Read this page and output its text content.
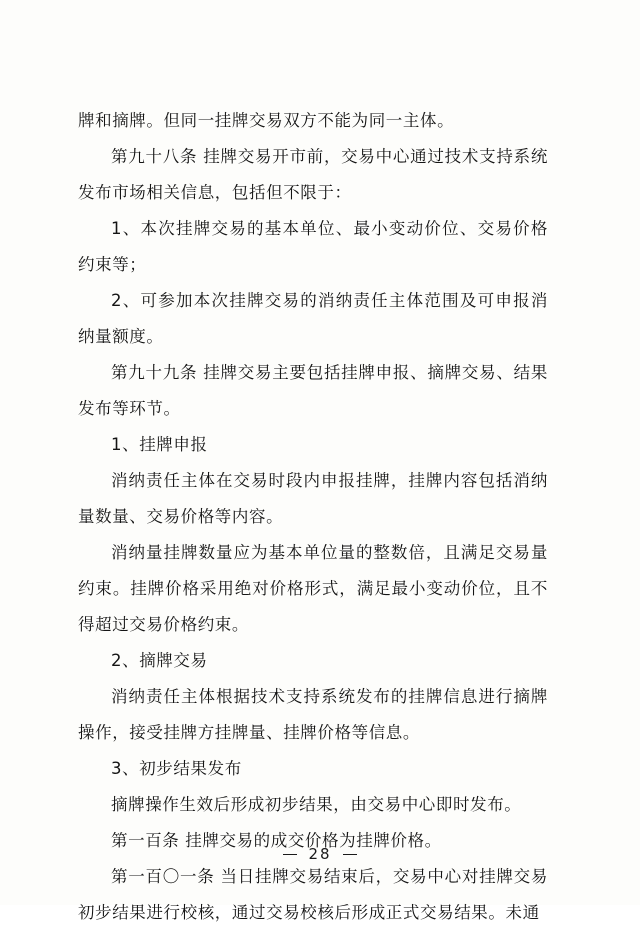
牌和摘牌。但同一挂牌交易双方不能为同一主体。

第九十八条 挂牌交易开市前，交易中心通过技术支持系统发布市场相关信息，包括但不限于：

1、本次挂牌交易的基本单位、最小变动价位、交易价格约束等；

2、可参加本次挂牌交易的消纳责任主体范围及可申报消纳量额度。

第九十九条 挂牌交易主要包括挂牌申报、摘牌交易、结果发布等环节。

1、挂牌申报

消纳责任主体在交易时段内申报挂牌，挂牌内容包括消纳量数量、交易价格等内容。

消纳量挂牌数量应为基本单位量的整数倍，且满足交易量约束。挂牌价格采用绝对价格形式，满足最小变动价位，且不得超过交易价格约束。

2、摘牌交易

消纳责任主体根据技术支持系统发布的挂牌信息进行摘牌操作，接受挂牌方挂牌量、挂牌价格等信息。

3、初步结果发布

摘牌操作生效后形成初步结果，由交易中心即时发布。

第一百条 挂牌交易的成交价格为挂牌价格。

第一百〇一条 当日挂牌交易结束后，交易中心对挂牌交易初步结果进行校核，通过交易校核后形成正式交易结果。未通

28
